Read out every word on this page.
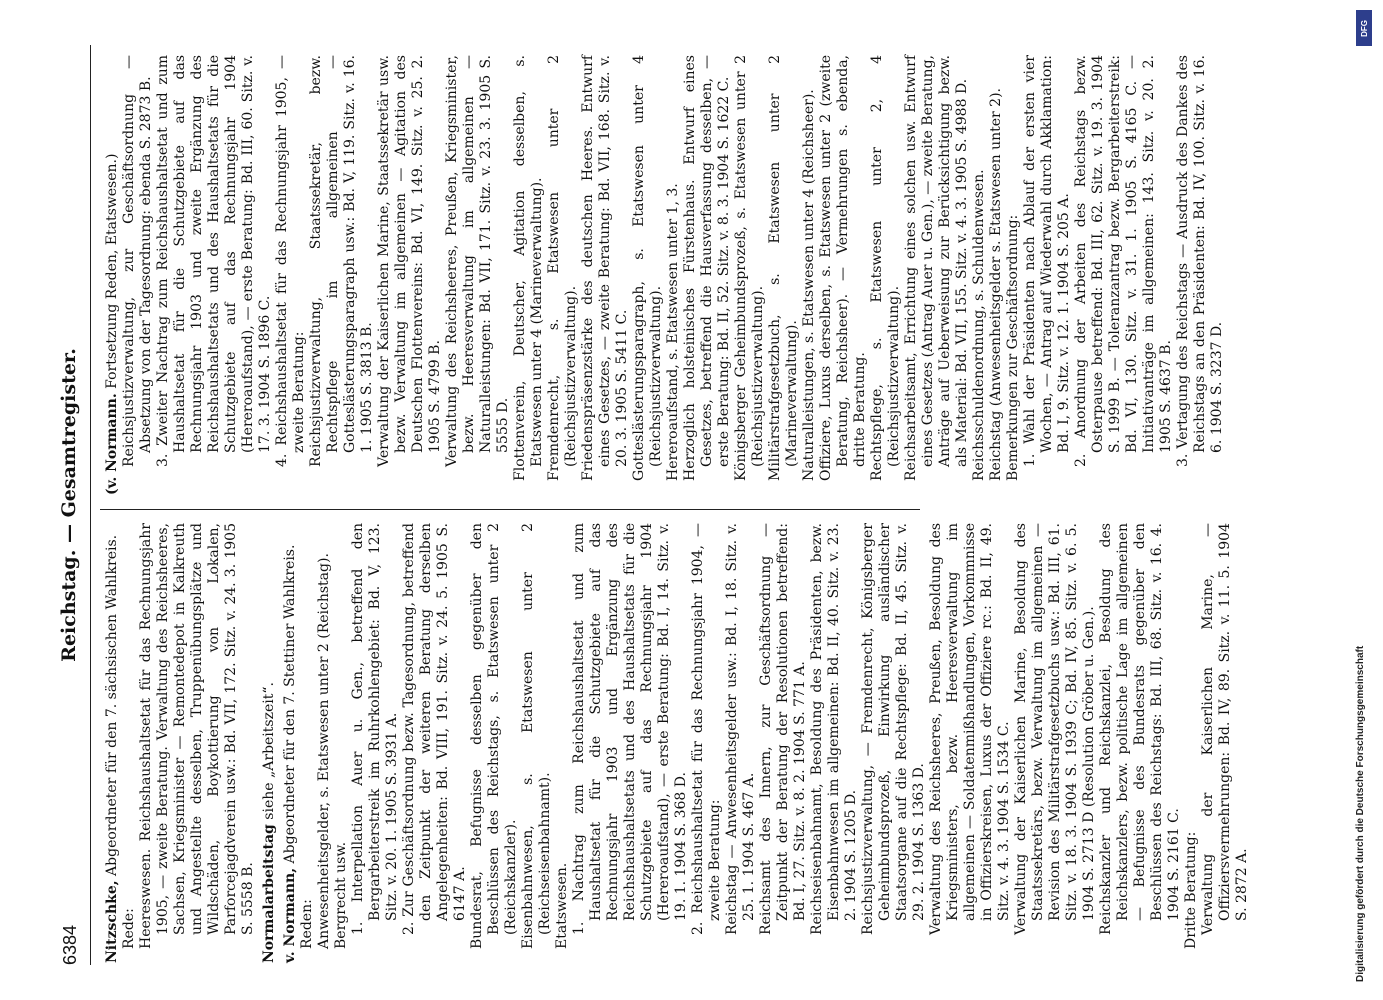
6384
Reichstag. — Gesamtregister.

Nitzschke, Abgeordneter für den 7. sächsischen Wahlkreis.

Rede: Heereswesen. Reichshaushaltsetat für das Rechnungsjahr 1905, — zweite Beratung. Verwaltung des Reichsheeres, Sachsen, Kriegsminister — Remontedepot in Kalkreuth und Angestellte desselben, Truppenübungsplätze und Wildschäden, Boykottierung von Lokalen, Parforcejagdverein usw.: Bd. VII, 172. Sitz. v. 24. 3. 1905 S. 5558 B. Normalarbeitstag siehe „Arbeitszeit“.

v. Normann, Abgeordneter für den 7. Stettiner Wahlkreis.

Reden: Anwesenheitsgelder, s. Etatswesen unter 2 (Reichstag). Bergrecht usw. 1. Interpellation Auer u. Gen., betreffend den Bergarbeiterstreik im Ruhrkohlengebiet: Bd. V, 123. Sitz. v. 20. 1. 1905 S. 3931 A. 2. Zur Geschäftsordnung bezw. Tagesordnung, betreffend den Zeitpunkt der weiteren Beratung derselben Angelegenheiten: Bd. VIII, 191. Sitz. v. 24. 5. 1905 S. 6147 A. Bundesrat, Befugnisse desselben gegenüber den Beschlüssen des Reichstags, s. Etatswesen unter 2 (Reichskanzler). Eisenbahnwesen, s. Etatswesen unter 2 (Reichseisenbahnamt). Etatswesen. 1. Nachtrag zum Reichshaushaltsetat und zum Haushaltsetat für die Schutzgebiete auf das Rechnungsjahr 1903 und Ergänzung des Reichshaushaltsetats und des Haushaltsetats für die Schutzgebiete auf das Rechnungsjahr 1904 (Hereroaufstand), — erste Beratung: Bd. I, 14. Sitz. v. 19. 1. 1904 S. 368 D. 2. Reichshaushaltsetat für das Rechnungsjahr 1904, — zweite Beratung: Reichstag — Anwesenheitsgelder usw.: Bd. I, 18. Sitz. v. 25. 1. 1904 S. 467 A. Reichsamt des Innern, zur Geschäftsordnung — Zeitpunkt der Beratung der Resolutionen betreffend: Bd. I, 27. Sitz. v. 8. 2. 1904 S. 771 A. Reichseisenbahnamt, Besoldung des Präsidenten, bezw. Eisenbahnwesen im allgemeinen: Bd. II, 40. Sitz. v. 23. 2. 1904 S. 1205 D. Reichsjustizverwaltung, — Fremdenrecht, Königsberger Geheimbundsprozeß, Einwirkung ausländischer Staatsorgane auf die Rechtspflege: Bd. II, 45. Sitz. v. 29. 2. 1904 S. 1363 D. Verwaltung des Reichsheeres, Preußen, Besoldung des Kriegsministers, bezw. Heeresverwaltung im allgemeinen — Soldatenmißhandlungen, Vorkommnisse in Offizierskreisen, Luxus der Offiziere rc.: Bd. II, 49. Sitz. v. 4. 3. 1904 S. 1534 C. Verwaltung der Kaiserlichen Marine, Besoldung des Staatssekretärs, bezw. Verwaltung im allgemeinen — Revision des Militärstrafgesetzbuchs usw.: Bd. III, 61. Sitz. v. 18. 3. 1904 S. 1939 C; Bd. IV, 85. Sitz. v. 6. 5. 1904 S. 2713 D (Resolution Gröber u. Gen.). Reichskanzler und Reichskanzlei, Besoldung des Reichskanzlers, bezw. politische Lage im allgemeinen — Befugnisse des Bundesrats gegenüber den Beschlüssen des Reichstags: Bd. III, 68. Sitz. v. 16. 4. 1904 S. 2161 C. Dritte Beratung: Verwaltung der Kaiserlichen Marine, — Offiziersvermehrungen: Bd. IV, 89. Sitz. v. 11. 5. 1904 S. 2872 A.

(v. Normann. Fortsetzung Reden, Etatswesen.) Reichsjustizverwaltung, zur Geschäftsordnung — Absetzung von der Tagesordnung: ebenda S. 2873 B. 3. Zweiter Nachtrag zum Reichshaushaltsetat und zum Haushaltsetat für die Schutzgebiete auf das Rechnungsjahr 1903 und zweite Ergänzung des Reichshaushaltsetats und des Haushaltsetats für die Schutzgebiete auf das Rechnungsjahr 1904 (Hereroaufstand), — erste Beratung: Bd. III, 60. Sitz. v. 17. 3. 1904 S. 1896 C. 4. Reichshaushaltsetat für das Rechnungsjahr 1905, — zweite Beratung: Reichsjustizverwaltung, Staatssekretär, bezw. Rechtspflege im allgemeinen — Gotteslästerungsparagraph usw.: Bd. V, 119. Sitz. v. 16. 1. 1905 S. 3813 B. Verwaltung der Kaiserlichen Marine, Staatssekretär usw. bezw. Verwaltung im allgemeinen — Agitation des Deutschen Flottenvereins: Bd. VI, 149. Sitz. v. 25. 2. 1905 S. 4799 B. Verwaltung des Reichsheeres, Preußen, Kriegsminister, bezw. Heeresverwaltung im allgemeinen — Naturalleistungen: Bd. VII, 171. Sitz. v. 23. 3. 1905 S. 5555 D. Flottenverein, Deutscher, Agitation desselben, s. Etatswesen unter 4 (Marineverwaltung). Fremdenrecht, s. Etatswesen unter 2 (Reichsjustizverwaltung). Friedenspräsenzstärke des deutschen Heeres. Entwurf eines Gesetzes, — zweite Beratung: Bd. VII, 168. Sitz. v. 20. 3. 1905 S. 5411 C. Gotteslästerungsparagraph, s. Etatswesen unter 4 (Reichsjustizverwaltung). Hereroaufstand, s. Etatswesen unter 1, 3. Herzoglich holsteinisches Fürstenhaus. Entwurf eines Gesetzes, betreffend die Hausverfassung desselben, — erste Beratung: Bd. II, 52. Sitz. v. 8. 3. 1904 S. 1622 C. Königsberger Geheimbundsprozeß, s. Etatswesen unter 2 (Reichsjustizverwaltung). Militärstrafgesetzbuch, s. Etatswesen unter 2 (Marineverwaltung). Naturalleistungen, s. Etatswesen unter 4 (Reichsheer). Offiziere, Luxus derselben, s. Etatswesen unter 2 (zweite Beratung, Reichsheer). — Vermehrungen s. ebenda, dritte Beratung. Rechtspflege, s. Etatswesen unter 2, 4 (Reichsjustizverwaltung). Reichsarbeitsamt, Errichtung eines solchen usw. Entwurf eines Gesetzes (Antrag Auer u. Gen.), — zweite Beratung, Anträge auf Ueberweisung zur Berücksichtigung bezw. als Material: Bd. VII, 155. Sitz. v. 4. 3. 1905 S. 4988 D. Reichsschuldenordnung, s. Schuldenwesen. Reichstag (Anwesenheitsgelder s. Etatswesen unter 2). Bemerkungen zur Geschäftsordnung: 1. Wahl der Präsidenten nach Ablauf der ersten vier Wochen, — Antrag auf Wiederwahl durch Akklamation: Bd. I, 9. Sitz. v. 12. 1. 1904 S. 205 A. 2. Anordnung der Arbeiten des Reichstags bezw. Osterpause betreffend: Bd. III, 62. Sitz. v. 19. 3. 1904 S. 1999 B. — Toleranzantrag bezw. Bergarbeiterstreik: Bd. VI, 130. Sitz. v. 31. 1. 1905 S. 4165 C. — Initiativanträge im allgemeinen: 143. Sitz. v. 20. 2. 1905 S. 4637 B. 3. Vertagung des Reichstags — Ausdruck des Dankes des Reichstags an den Präsidenten: Bd. IV, 100. Sitz. v. 16. 6. 1904 S. 3237 D.

DFG
Digitalisierung gefördert durch die Deutsche Forschungsgemeinschaft
